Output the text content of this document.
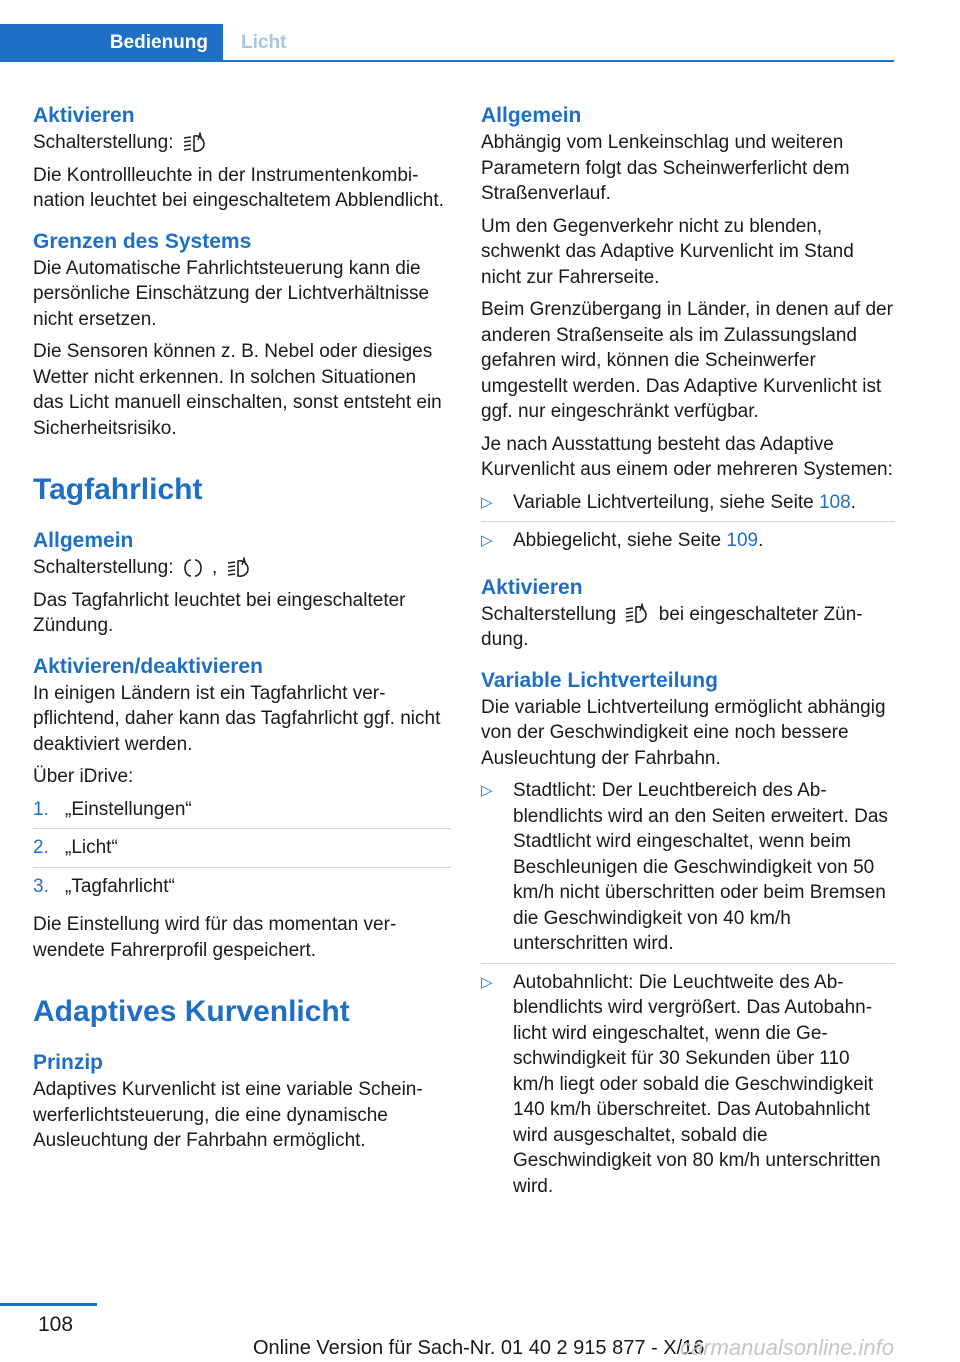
Bedienung	Licht
Aktivieren

Schalterstellung:

Die Kontrollleuchte in der Instrumentenkombination leuchtet bei eingeschaltetem Abblendlicht.

Grenzen des Systems

Die Automatische Fahrlichtsteuerung kann die persönliche Einschätzung der Lichtverhältnisse nicht ersetzen.

Die Sensoren können z. B. Nebel oder diesiges Wetter nicht erkennen. In solchen Situationen das Licht manuell einschalten, sonst entsteht ein Sicherheitsrisiko.

Tagfahrlicht
Allgemein

Schalterstellung: ,

Das Tagfahrlicht leuchtet bei eingeschalteter Zündung.

Aktivieren/deaktivieren

In einigen Ländern ist ein Tagfahrlicht verpflichtend, daher kann das Tagfahrlicht ggf. nicht deaktiviert werden.

Über iDrive:

1. „Einstellungen“
2. „Licht“
3. „Tagfahrlicht“

Die Einstellung wird für das momentan verwendete Fahrerprofil gespeichert.

Adaptives Kurvenlicht
Prinzip

Adaptives Kurvenlicht ist eine variable Scheinwerferlichtsteuerung, die eine dynamische Ausleuchtung der Fahrbahn ermöglicht.

Allgemein

Abhängig vom Lenkeinschlag und weiteren Parametern folgt das Scheinwerferlicht dem Straßenverlauf.

Um den Gegenverkehr nicht zu blenden, schwenkt das Adaptive Kurvenlicht im Stand nicht zur Fahrerseite.

Beim Grenzübergang in Länder, in denen auf der anderen Straßenseite als im Zulassungsland gefahren wird, können die Scheinwerfer umgestellt werden. Das Adaptive Kurvenlicht ist ggf. nur eingeschränkt verfügbar.

Je nach Ausstattung besteht das Adaptive Kurvenlicht aus einem oder mehreren Systemen:

▷ Variable Lichtverteilung, siehe Seite 108.
▷ Abbiegelicht, siehe Seite 109.
Aktivieren

Schalterstellung bei eingeschalteter Zündung.

Variable Lichtverteilung

Die variable Lichtverteilung ermöglicht abhängig von der Geschwindigkeit eine noch bessere Ausleuchtung der Fahrbahn.

▷ Stadtlicht: Der Leuchtbereich des Abblendlichts wird an den Seiten erweitert. Das Stadtlicht wird eingeschaltet, wenn beim Beschleunigen die Geschwindigkeit von 50 km/h nicht überschritten oder beim Bremsen die Geschwindigkeit von 40 km/h unterschritten wird.
▷ Autobahnlicht: Die Leuchtweite des Abblendlichts wird vergrößert. Das Autobahnlicht wird eingeschaltet, wenn die Geschwindigkeit für 30 Sekunden über 110 km/h liegt oder sobald die Geschwindigkeit 140 km/h überschreitet. Das Autobahnlicht wird ausgeschaltet, sobald die Geschwindigkeit von 80 km/h unterschritten wird.
108
Online Version für Sach-Nr. 01 40 2 915 877 - X/16
carmanualsonline.info
